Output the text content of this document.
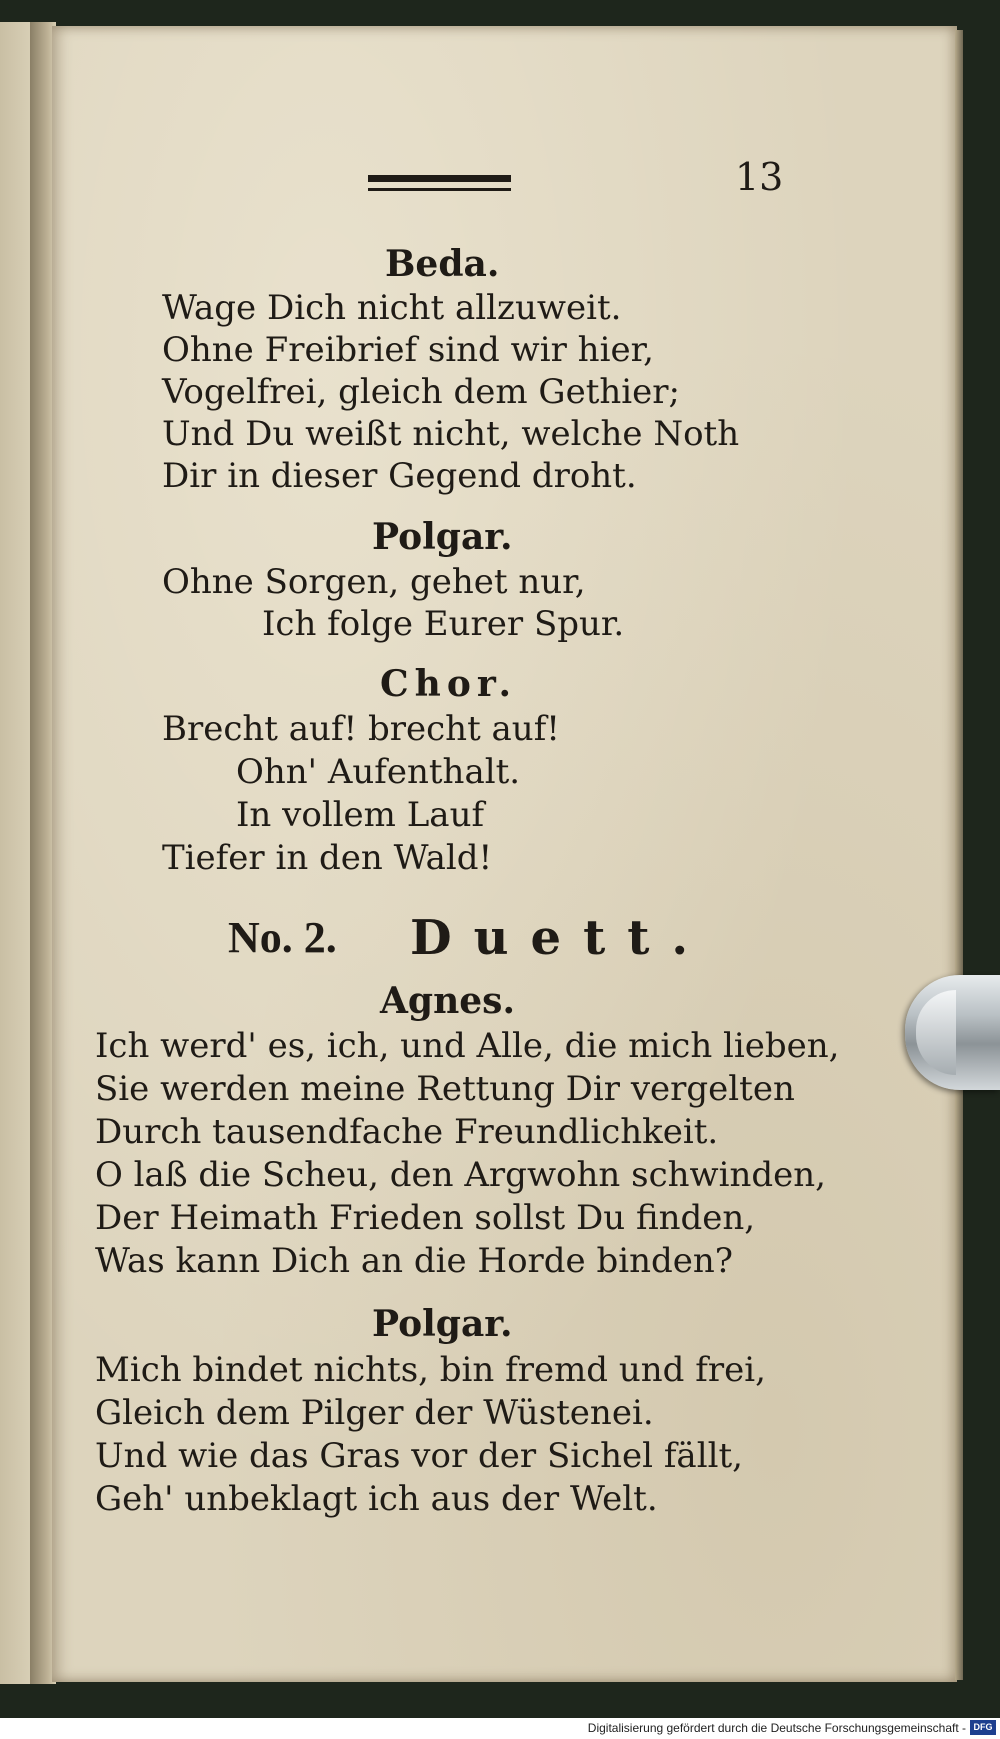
13
Beda.
Wage Dich nicht allzuweit.
Ohne Freibrief sind wir hier,
Vogelfrei, gleich dem Gethier;
Und Du weißt nicht, welche Noth
Dir in dieser Gegend droht.
Polgar.
Ohne Sorgen, gehet nur,
Ich folge Eurer Spur.
Chor.
Brecht auf! brecht auf!
Ohn' Aufenthalt.
In vollem Lauf
Tiefer in den Wald!
No. 2. Duett.
Agnes.
Ich werd' es, ich, und Alle, die mich lieben,
Sie werden meine Rettung Dir vergelten
Durch tausendfache Freundlichkeit.
O laß die Scheu, den Argwohn schwinden,
Der Heimath Frieden sollst Du finden,
Was kann Dich an die Horde binden?
Polgar.
Mich bindet nichts, bin fremd und frei,
Gleich dem Pilger der Wüstenei.
Und wie das Gras vor der Sichel fällt,
Geh' unbeklagt ich aus der Welt.
Digitalisierung gefördert durch die Deutsche Forschungsgemeinschaft - DFG
